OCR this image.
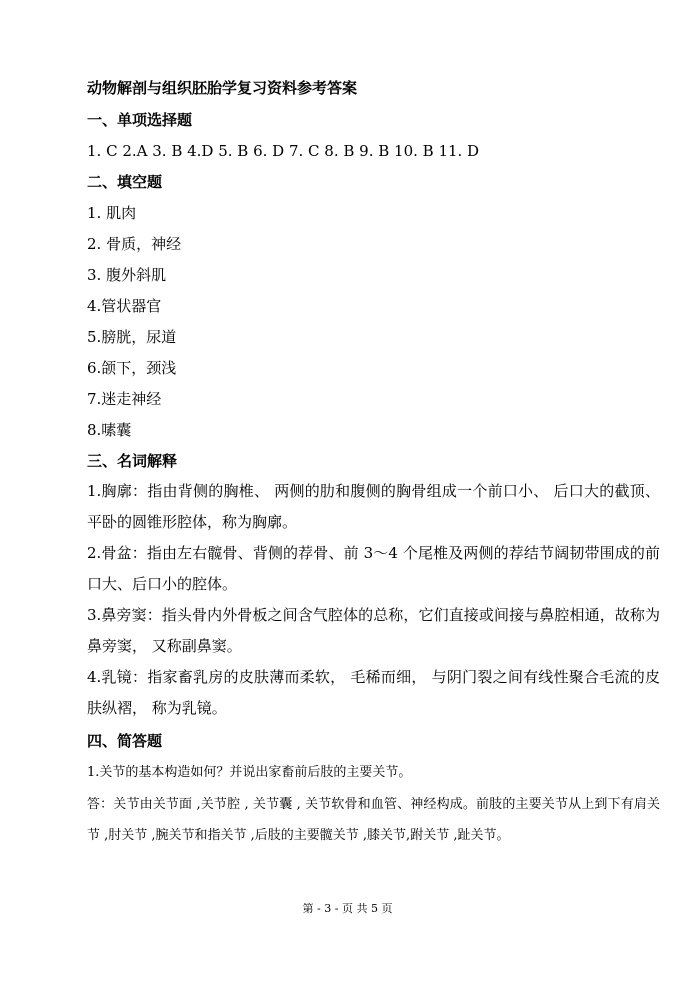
动物解剖与组织胚胎学复习资料参考答案
一、单项选择题
1. C 2.A 3. B 4.D 5. B 6. D 7. C 8. B 9. B 10. B 11. D
二、填空题
1. 肌肉
2. 骨质，神经
3. 腹外斜肌
4.管状器官
5.膀胱，尿道
6.颌下，颈浅
7.迷走神经
8.嗉囊
三、名词解释
1.胸廓：指由背侧的胸椎、 两侧的肋和腹侧的胸骨组成一个前口小、 后口大的截顶、 平卧的圆锥形腔体，称为胸廓。
2.骨盆：指由左右髋骨、背侧的荐骨、前 3～4 个尾椎及两侧的荐结节阔韧带围成的前口大、后口小的腔体。
3.鼻旁窦：指头骨内外骨板之间含气腔体的总称，它们直接或间接与鼻腔相通，故称为鼻旁窦， 又称副鼻窦。
4.乳镜：指家畜乳房的皮肤薄而柔软， 毛稀而细， 与阴门裂之间有线性聚合毛流的皮肤纵褶， 称为乳镜。
四、简答题
1.关节的基本构造如何？并说出家畜前后肢的主要关节。
答：关节由关节面 ,关节腔 , 关节囊 , 关节软骨和血管、神经构成。前肢的主要关节从上到下有肩关节 ,肘关节 ,腕关节和指关节 ,后肢的主要髋关节 ,膝关节,跗关节 ,趾关节。
第 - 3 - 页 共 5 页
